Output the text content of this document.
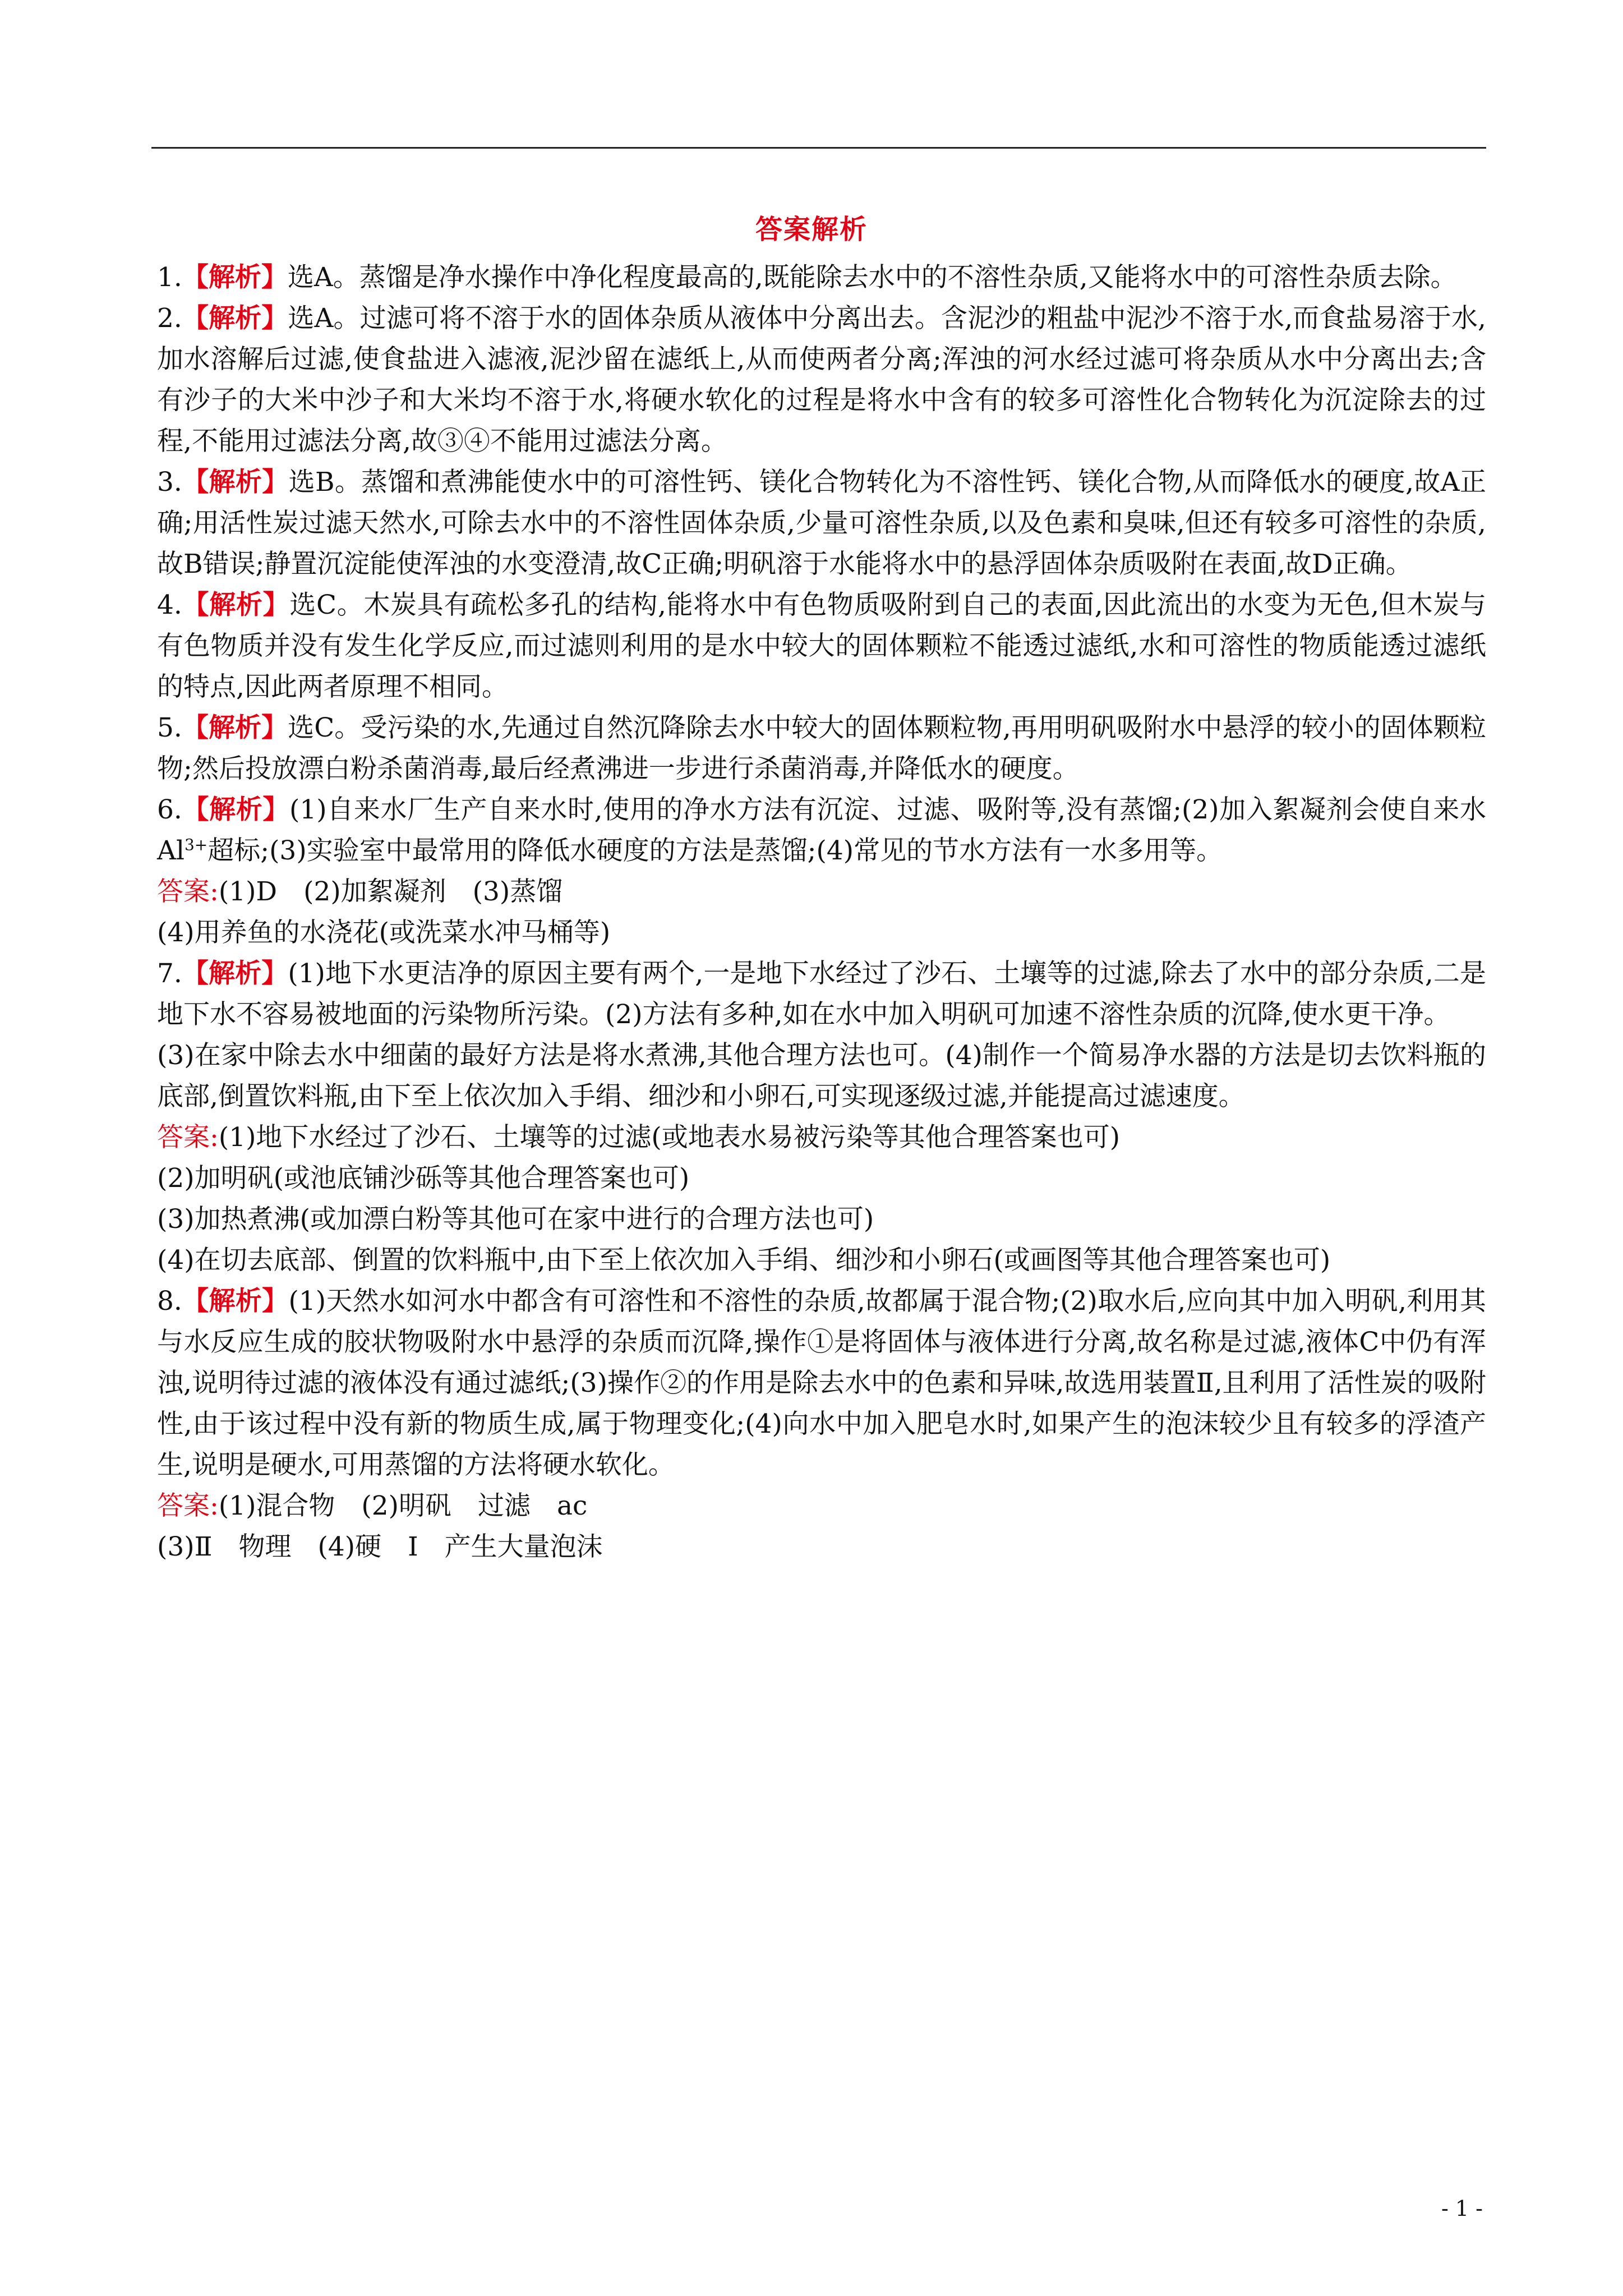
答案解析

1.【解析】选A。蒸馏是净水操作中净化程度最高的,既能除去水中的不溶性杂质,又能将水中的可溶性杂质去除。

2.【解析】选A。过滤可将不溶于水的固体杂质从液体中分离出去。含泥沙的粗盐中泥沙不溶于水,而食盐易溶于水,加水溶解后过滤,使食盐进入滤液,泥沙留在滤纸上,从而使两者分离;浑浊的河水经过滤可将杂质从水中分离出去;含有沙子的大米中沙子和大米均不溶于水,将硬水软化的过程是将水中含有的较多可溶性化合物转化为沉淀除去的过程,不能用过滤法分离,故③④不能用过滤法分离。

3.【解析】选B。蒸馏和煮沸能使水中的可溶性钙、镁化合物转化为不溶性钙、镁化合物,从而降低水的硬度,故A正确;用活性炭过滤天然水,可除去水中的不溶性固体杂质,少量可溶性杂质,以及色素和臭味,但还有较多可溶性的杂质,故B错误;静置沉淀能使浑浊的水变澄清,故C正确;明矾溶于水能将水中的悬浮固体杂质吸附在表面,故D正确。

4.【解析】选C。木炭具有疏松多孔的结构,能将水中有色物质吸附到自己的表面,因此流出的水变为无色,但木炭与有色物质并没有发生化学反应,而过滤则利用的是水中较大的固体颗粒不能透过滤纸,水和可溶性的物质能透过滤纸的特点,因此两者原理不相同。

5.【解析】选C。受污染的水,先通过自然沉降除去水中较大的固体颗粒物,再用明矾吸附水中悬浮的较小的固体颗粒物;然后投放漂白粉杀菌消毒,最后经煮沸进一步进行杀菌消毒,并降低水的硬度。

6.【解析】(1)自来水厂生产自来水时,使用的净水方法有沉淀、过滤、吸附等,没有蒸馏;(2)加入絮凝剂会使自来水$Al^{3+}$超标;(3)实验室中最常用的降低水硬度的方法是蒸馏;(4)常见的节水方法有一水多用等。

答案:(1)D　(2)加絮凝剂　(3)蒸馏

(4)用养鱼的水浇花(或洗菜水冲马桶等)

7.【解析】(1)地下水更洁净的原因主要有两个,一是地下水经过了沙石、土壤等的过滤,除去了水中的部分杂质,二是地下水不容易被地面的污染物所污染。(2)方法有多种,如在水中加入明矾可加速不溶性杂质的沉降,使水更干净。

(3)在家中除去水中细菌的最好方法是将水煮沸,其他合理方法也可。(4)制作一个简易净水器的方法是切去饮料瓶的底部,倒置饮料瓶,由下至上依次加入手绢、细沙和小卵石,可实现逐级过滤,并能提高过滤速度。

答案:(1)地下水经过了沙石、土壤等的过滤(或地表水易被污染等其他合理答案也可)

(2)加明矾(或池底铺沙砾等其他合理答案也可)

(3)加热煮沸(或加漂白粉等其他可在家中进行的合理方法也可)

(4)在切去底部、倒置的饮料瓶中,由下至上依次加入手绢、细沙和小卵石(或画图等其他合理答案也可)

8.【解析】(1)天然水如河水中都含有可溶性和不溶性的杂质,故都属于混合物;(2)取水后,应向其中加入明矾,利用其与水反应生成的胶状物吸附水中悬浮的杂质而沉降,操作①是将固体与液体进行分离,故名称是过滤,液体C中仍有浑浊,说明待过滤的液体没有通过滤纸;(3)操作②的作用是除去水中的色素和异味,故选用装置Ⅱ,且利用了活性炭的吸附性,由于该过程中没有新的物质生成,属于物理变化;(4)向水中加入肥皂水时,如果产生的泡沫较少且有较多的浮渣产生,说明是硬水,可用蒸馏的方法将硬水软化。

答案:(1)混合物　(2)明矾　过滤　ac

(3)Ⅱ　物理　(4)硬　Ⅰ　产生大量泡沫

- 1 -
